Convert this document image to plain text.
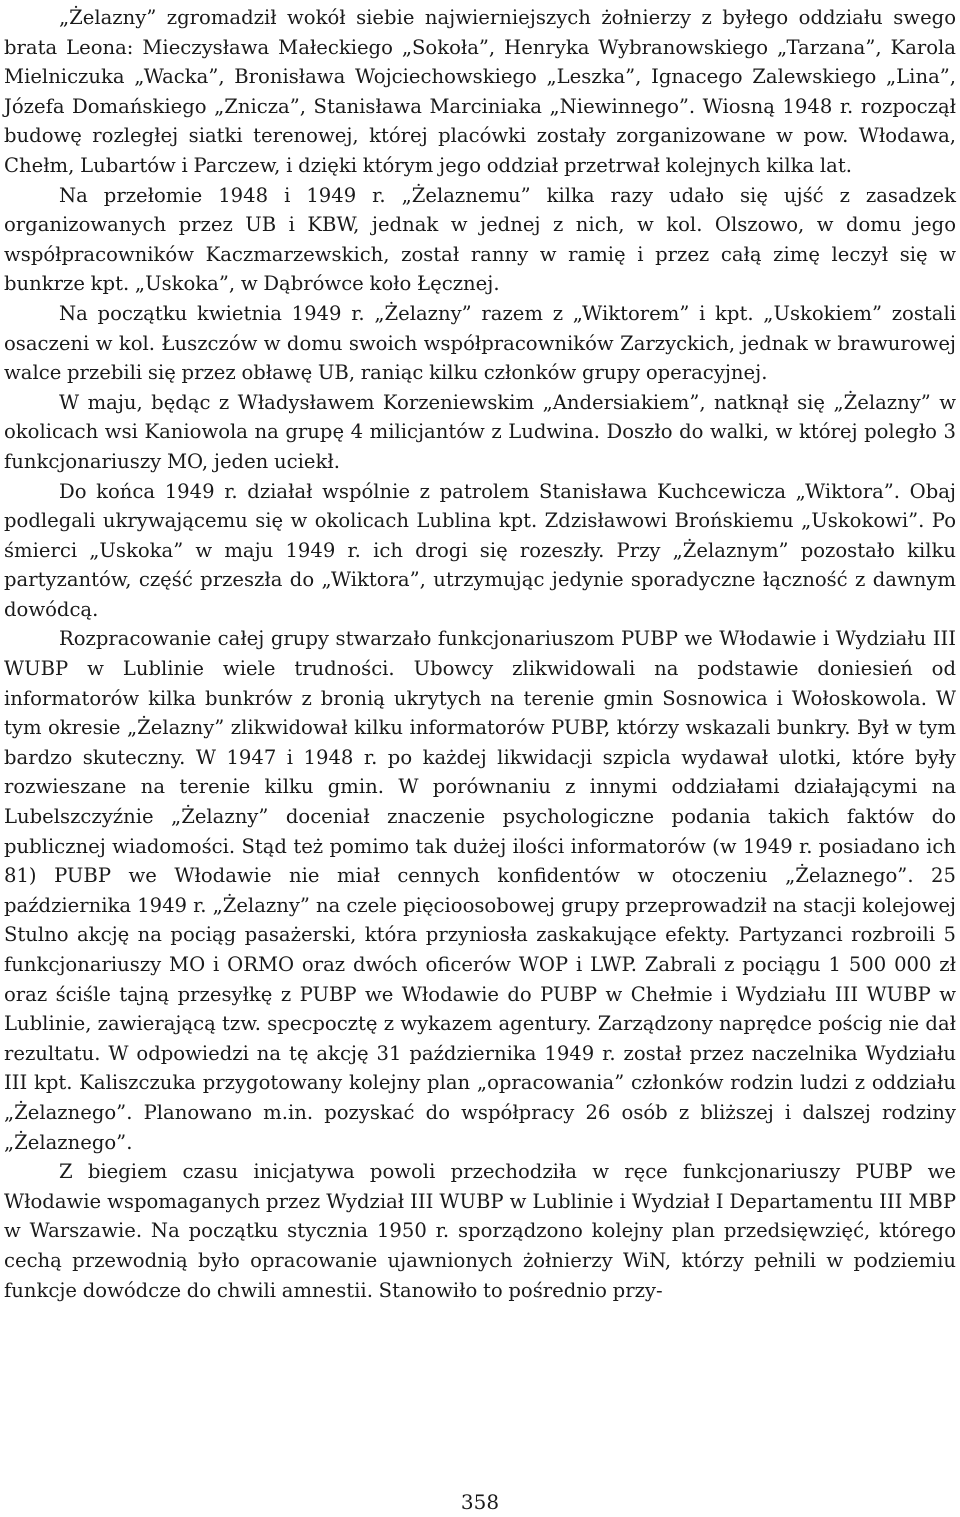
„Żelazny” zgromadził wokół siebie najwierniejszych żołnierzy z byłego oddziału swego brata Leona: Mieczysława Małeckiego „Sokoła”, Henryka Wybranowskiego „Tarzana”, Karola Mielniczuka „Wacka”, Bronisława Wojciechowskiego „Leszka”, Ignacego Zalewskiego „Lina”, Józefa Domańskiego „Znicza”, Stanisława Marciniaka „Niewinnego”. Wiosną 1948 r. rozpoczął budowę rozległej siatki terenowej, której placówki zostały zorganizowane w pow. Włodawa, Chełm, Lubartów i Parczew, i dzięki którym jego oddział przetrwał kolejnych kilka lat.

Na przełomie 1948 i 1949 r. „Żelaznemu” kilka razy udało się ujść z zasadzek organizowanych przez UB i KBW, jednak w jednej z nich, w kol. Olszowo, w domu jego współpracowników Kaczmarzewskich, został ranny w ramię i przez całą zimę leczył się w bunkrze kpt. „Uskoka”, w Dąbrówce koło Łęcznej.

Na początku kwietnia 1949 r. „Żelazny” razem z „Wiktorem” i kpt. „Uskokiem” zostali osaczeni w kol. Łuszczów w domu swoich współpracowników Zarzyckich, jednak w brawurowej walce przebili się przez obławę UB, raniąc kilku członków grupy operacyjnej.

W maju, będąc z Władysławem Korzeniewskim „Andersiakiem”, natknął się „Żelazny” w okolicach wsi Kaniowola na grupę 4 milicjantów z Ludwina. Doszło do walki, w której poległo 3 funkcjonariuszy MO, jeden uciekł.

Do końca 1949 r. działał wspólnie z patrolem Stanisława Kuchcewicza „Wiktora”. Obaj podlegali ukrywającemu się w okolicach Lublina kpt. Zdzisławowi Brońskiemu „Uskokowi”. Po śmierci „Uskoka” w maju 1949 r. ich drogi się rozeszły. Przy „Żelaznym” pozostało kilku partyzantów, część przeszła do „Wiktora”, utrzymując jedynie sporadyczne łączność z dawnym dowódcą.

Rozpracowanie całej grupy stwarzało funkcjonariuszom PUBP we Włodawie i Wydziału III WUBP w Lublinie wiele trudności. Ubowcy zlikwidowali na podstawie doniesień od informatorów kilka bunkrów z bronią ukrytych na terenie gmin Sosnowica i Wołoskowola. W tym okresie „Żelazny” zlikwidował kilku informatorów PUBP, którzy wskazali bunkry. Był w tym bardzo skuteczny. W 1947 i 1948 r. po każdej likwidacji szpicla wydawał ulotki, które były rozwieszane na terenie kilku gmin. W porównaniu z innymi oddziałami działającymi na Lubelszczyźnie „Żelazny” doceniał znaczenie psychologiczne podania takich faktów do publicznej wiadomości. Stąd też pomimo tak dużej ilości informatorów (w 1949 r. posiadano ich 81) PUBP we Włodawie nie miał cennych konfidentów w otoczeniu „Żelaznego”. 25 października 1949 r. „Żelazny” na czele pięcioosobowej grupy przeprowadził na stacji kolejowej Stulno akcję na pociąg pasażerski, która przyniosła zaskakujące efekty. Partyzanci rozbroili 5 funkcjonariuszy MO i ORMO oraz dwóch oficerów WOP i LWP. Zabrali z pociągu 1 500 000 zł oraz ściśle tajną przesyłkę z PUBP we Włodawie do PUBP w Chełmie i Wydziału III WUBP w Lublinie, zawierającą tzw. specpocztę z wykazem agentury. Zarządzony naprędce pościg nie dał rezultatu. W odpowiedzi na tę akcję 31 października 1949 r. został przez naczelnika Wydziału III kpt. Kaliszczuka przygotowany kolejny plan „opracowania” członków rodzin ludzi z oddziału „Żelaznego”. Planowano m.in. pozyskać do współpracy 26 osób z bliższej i dalszej rodziny „Żelaznego”.

Z biegiem czasu inicjatywa powoli przechodziła w ręce funkcjonariuszy PUBP we Włodawie wspomaganych przez Wydział III WUBP w Lublinie i Wydział I Departamentu III MBP w Warszawie. Na początku stycznia 1950 r. sporządzono kolejny plan przedsięwzięć, którego cechą przewodnią było opracowanie ujawnionych żołnierzy WiN, którzy pełnili w podziemiu funkcje dowódcze do chwili amnestii. Stanowiło to pośrednio przy-

358
